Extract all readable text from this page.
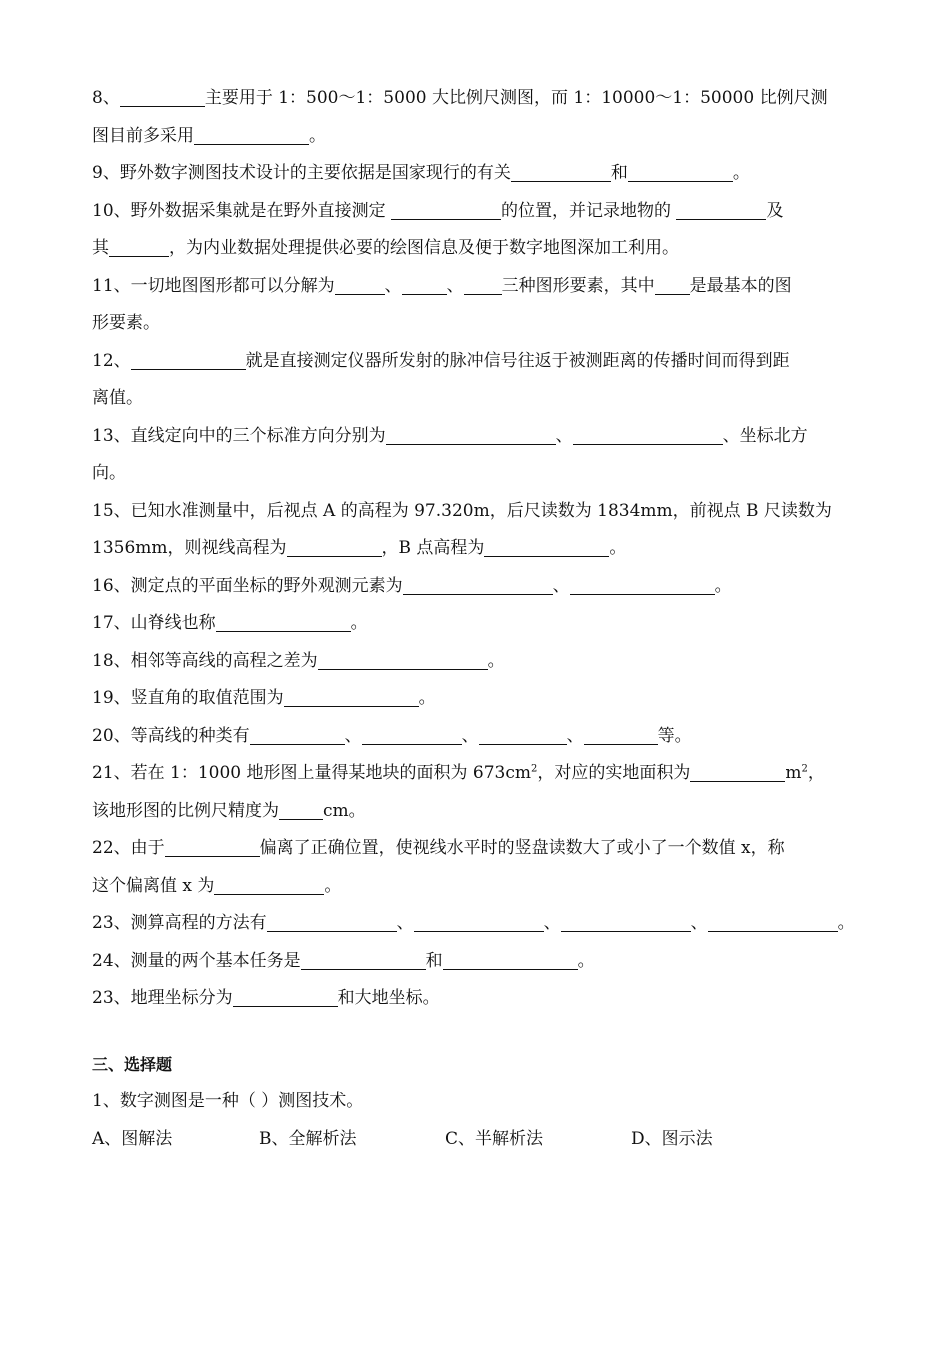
8、	主要用于 1：500～1：5000 大比例尺测图，而 1：10000～1：50000 比例尺测

图目前多采用	。

9、野外数字测图技术设计的主要依据是国家现行的有关	和	。

10、野外数据采集就是在野外直接测定	的位置，并记录地物的	及

其	，为内业数据处理提供必要的绘图信息及便于数字地图深加工利用。

11、一切地图图形都可以分解为	、	、 三种图形要素，其中 是最基本的图

形要素。

12、	就是直接测定仪器所发射的脉冲信号往返于被测距离的传播时间而得到距

离值。

13、直线定向中的三个标准方向分别为	、	、坐标北方

向。

15、已知水准测量中，后视点 A 的高程为 97.320m，后尺读数为 1834mm，前视点 B 尺读数为

1356mm，则视线高程为	，B 点高程为	。

16、测定点的平面坐标的野外观测元素为	、	。

17、山脊线也称	。

18、相邻等高线的高程之差为	。

19、竖直角的取值范围为	。

20、等高线的种类有	、	、	、	等。

21、若在 1：1000 地形图上量得某地块的面积为 $673cm^2$，对应的实地面积为	$m^2$，

该地形图的比例尺精度为	cm。

22、由于	偏离了正确位置，使视线水平时的竖盘读数大了或小了一个数值 x，称

这个偏离值 x 为	。

23、测算高程的方法有	、	、	、	。

24、测量的两个基本任务是	和	。

23、地理坐标分为	和大地坐标。

三、选择题

1、数字测图是一种（ ）测图技术。

A、图解法	B、全解析法	C、半解析法	D、图示法
